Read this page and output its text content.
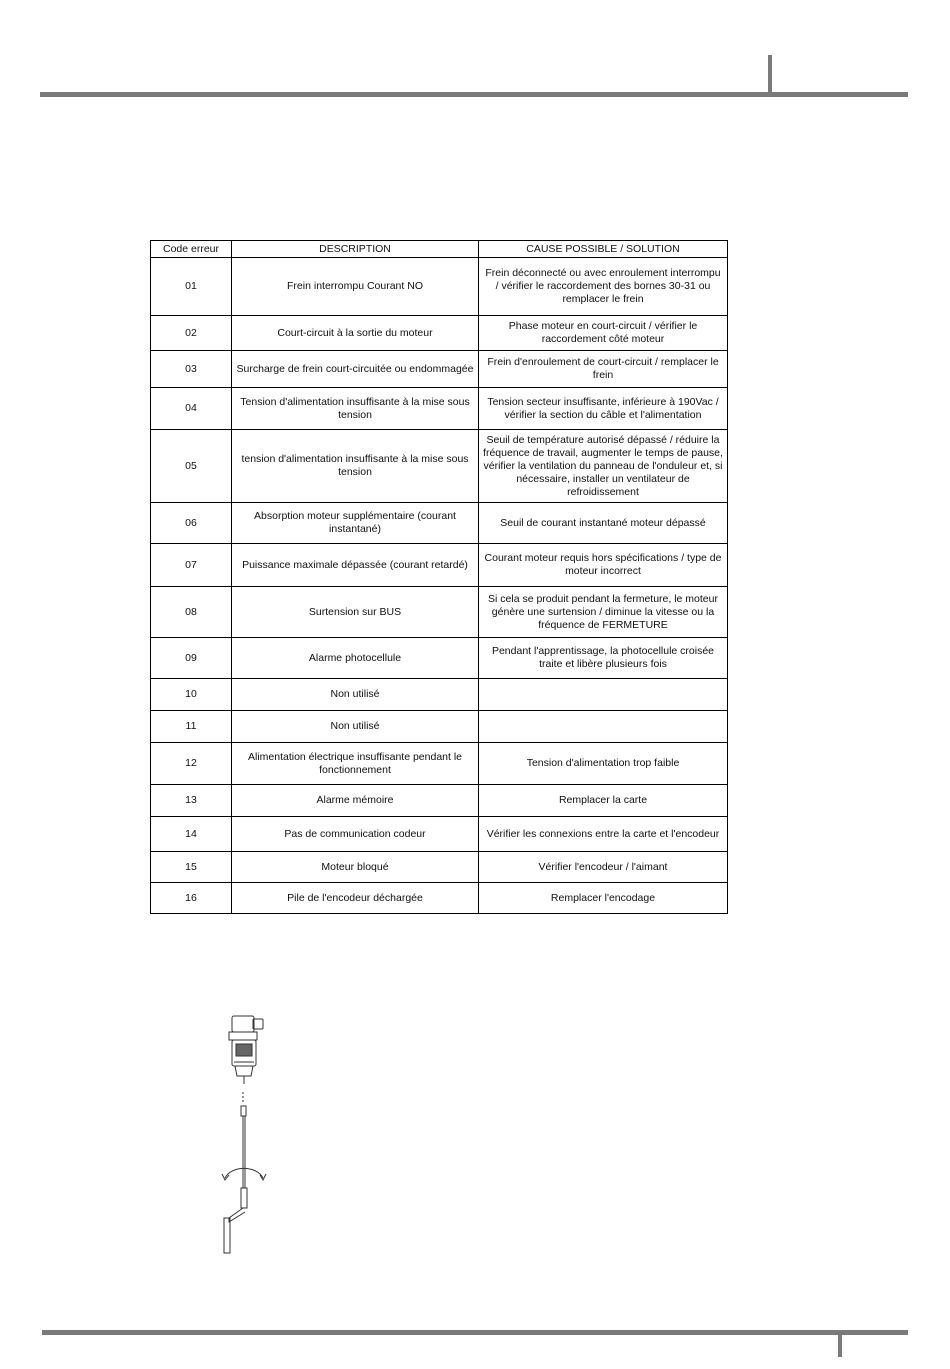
Code erreur	DESCRIPTION	CAUSE POSSIBLE / SOLUTION
01	Frein interrompu Courant NO	Frein déconnecté ou avec enroulement interrompu / vérifier le raccordement des bornes 30-31 ou remplacer le frein
02	Court-circuit à la sortie du moteur	Phase moteur en court-circuit / vérifier le raccordement côté moteur
03	Surcharge de frein court-circuitée ou endommagée	Frein d'enroulement de court-circuit / remplacer le frein
04	Tension d'alimentation insuffisante à la mise sous tension	Tension secteur insuffisante, inférieure à 190Vac / vérifier la section du câble et l'alimentation
05	tension d'alimentation insuffisante à la mise sous tension	Seuil de température autorisé dépassé / réduire la fréquence de travail, augmenter le temps de pause, vérifier la ventilation du panneau de l'onduleur et, si nécessaire, installer un ventilateur de refroidissement
06	Absorption moteur supplémentaire (courant instantané)	Seuil de courant instantané moteur dépassé
07	Puissance maximale dépassée (courant retardé)	Courant moteur requis hors spécifications / type de moteur incorrect
08	Surtension sur BUS	Si cela se produit pendant la fermeture, le moteur génère une surtension / diminue la vitesse ou la fréquence de FERMETURE
09	Alarme photocellule	Pendant l'apprentissage, la photocellule croisée traite et libère plusieurs fois
10	Non utilisé	
11	Non utilisé	
12	Alimentation électrique insuffisante pendant le fonctionnement	Tension d'alimentation trop faible
13	Alarme mémoire	Remplacer la carte
14	Pas de communication codeur	Vérifier les connexions entre la carte et l'encodeur
15	Moteur bloqué	Vérifier l'encodeur / l'aimant
16	Pile de l'encodeur déchargée	Remplacer l'encodage
